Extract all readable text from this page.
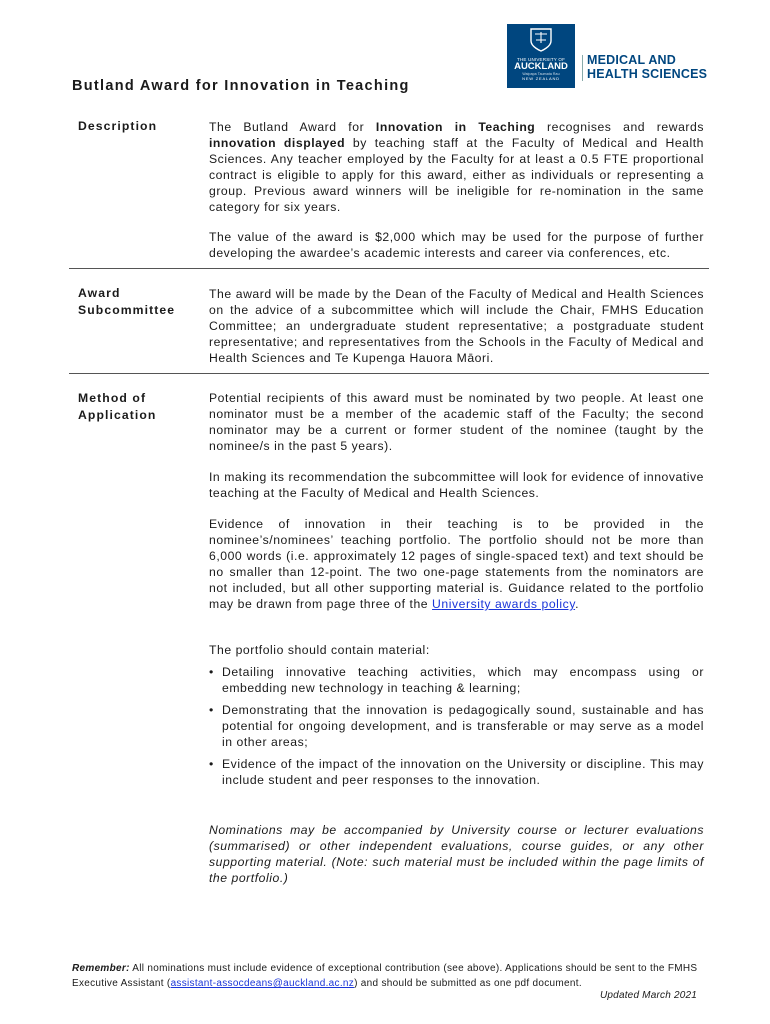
THE UNIVERSITY OF
AUCKLAND
Waipapa Taumata Rau
NEW ZEALAND
MEDICAL AND
HEALTH SCIENCES
Butland Award for Innovation in Teaching

Description	The Butland Award for Innovation in Teaching recognises and rewards innovation displayed by teaching staff at the Faculty of Medical and Health Sciences. Any teacher employed by the Faculty for at least a 0.5 FTE proportional contract is eligible to apply for this award, either as individuals or representing a group. Previous award winners will be ineligible for re-nomination in the same category for six years.

The value of the award is $2,000 which may be used for the purpose of further developing the awardee’s academic interests and career via conferences, etc.

Award
Subcommittee

The award will be made by the Dean of the Faculty of Medical and Health Sciences on the advice of a subcommittee which will include the Chair, FMHS Education Committee; an undergraduate student representative; a postgraduate student representative; and representatives from the Schools in the Faculty of Medical and Health Sciences and Te Kupenga Hauora Māori.

Method of
Application

Potential recipients of this award must be nominated by two people. At least one nominator must be a member of the academic staff of the Faculty; the second nominator may be a current or former student of the nominee (taught by the nominee/s in the past 5 years).

In making its recommendation the subcommittee will look for evidence of innovative teaching at the Faculty of Medical and Health Sciences.

Evidence of innovation in their teaching is to be provided in the nominee’s/nominees’ teaching portfolio. The portfolio should not be more than 6,000 words (i.e. approximately 12 pages of single-spaced text) and text should be no smaller than 12-point. The two one-page statements from the nominators are not included, but all other supporting material is. Guidance related to the portfolio may be drawn from page three of the University awards policy.

The portfolio should contain material:

• Detailing innovative teaching activities, which may encompass using or embedding new technology in teaching & learning;
• Demonstrating that the innovation is pedagogically sound, sustainable and has potential for ongoing development, and is transferable or may serve as a model in other areas;
• Evidence of the impact of the innovation on the University or discipline. This may include student and peer responses to the innovation.

Nominations may be accompanied by University course or lecturer evaluations (summarised) or other independent evaluations, course guides, or any other supporting material. (Note: such material must be included within the page limits of the portfolio.)

Remember: All nominations must include evidence of exceptional contribution (see above). Applications should be sent to the FMHS Executive Assistant (assistant-assocdeans@auckland.ac.nz) and should be submitted as one pdf document.

Updated March 2021
